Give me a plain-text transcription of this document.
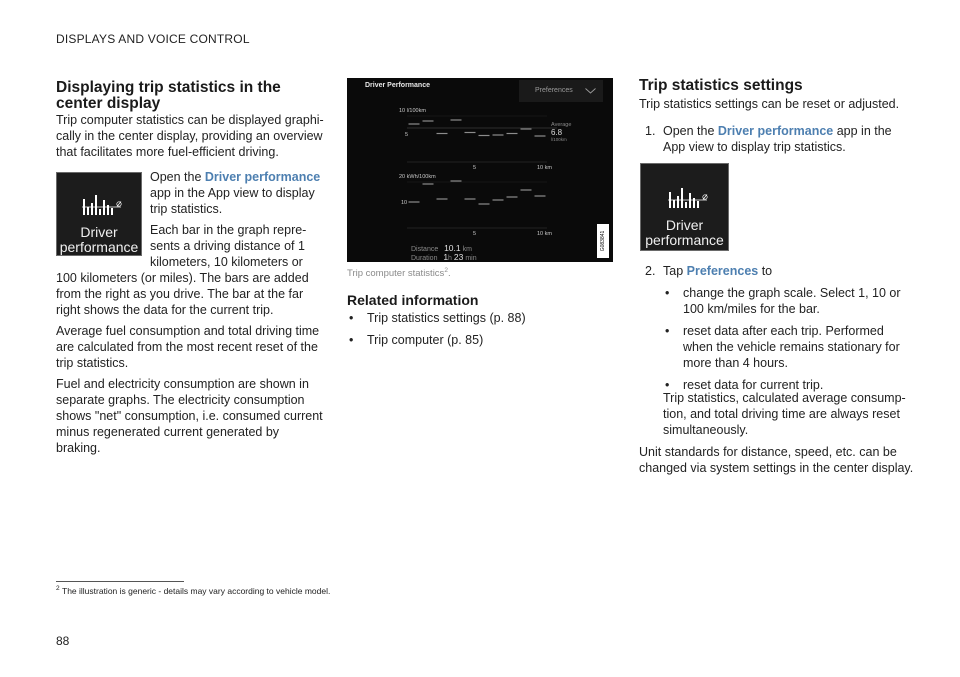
DISPLAYS AND VOICE CONTROL
Displaying trip statistics in the center display

Trip computer statistics can be displayed graphi-cally in the center display, providing an overview that facilitates more fuel-efficient driving.

Driver
performance

Open the Driver performance app in the App view to display trip statistics.

Each bar in the graph repre-sents a driving distance of 1 kilometers, 10 kilometers or

100 kilometers (or miles). The bars are added from the right as you drive. The bar at the far right shows the data for the current trip.

Average fuel consumption and total driving time are calculated from the most recent reset of the trip statistics.

Fuel and electricity consumption are shown in separate graphs. The electricity consumption shows "net" consumption, i.e. consumed current minus regenerated current generated by braking.

Driver Performance
Preferences
10 l/100km
5
Average
6.8
l/100km
5	10 km
20 kWh/100km
10
5	10 km
Distance 10.1 km
Duration 1h 23 min
G083841
Trip computer statistics$^2$.
Related information
• Trip statistics settings (p. 88)
• Trip computer (p. 85)
Trip statistics settings

Trip statistics settings can be reset or adjusted.

1. Open the Driver performance app in the App view to display trip statistics.

Driver
performance
2. Tap Preferences to

• change the graph scale. Select 1, 10 or 100 km/miles for the bar.
• reset data after each trip. Performed when the vehicle remains stationary for more than 4 hours.
• reset data for current trip.

Trip statistics, calculated average consump-tion, and total driving time are always reset simultaneously.

Unit standards for distance, speed, etc. can be changed via system settings in the center display.

$^2$ The illustration is generic - details may vary according to vehicle model.
88
